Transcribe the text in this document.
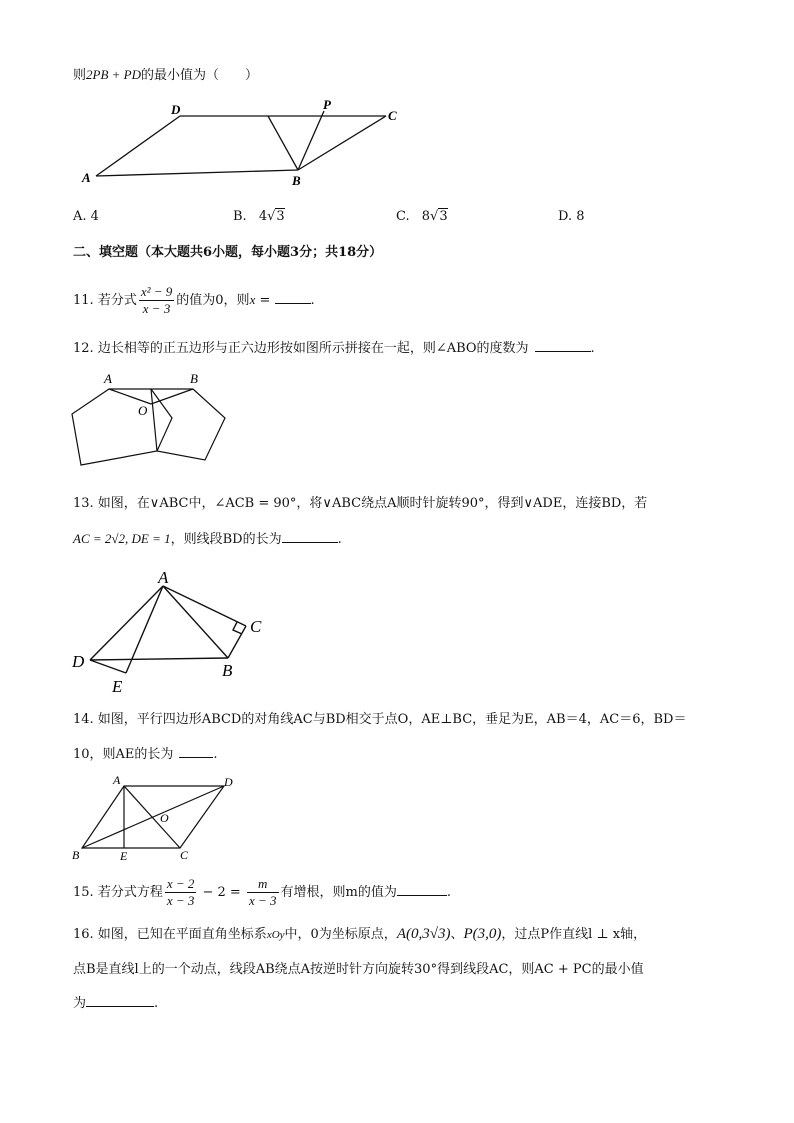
则2PB + PD的最小值为（　　）
D	P
C
A	B
A. 4	B. 4√3	C. 8√3	D. 8
二、填空题（本大题共6小题，每小题3分；共18分）
11. 若分式 $\frac{\text{x² − 9}}{x - 3}$ 的值为0，则x =	.
12. 边长相等的正五边形与正六边形按如图所示拼接在一起，则∠ABO的度数为	.
A	B
O
13. 如图，在∨ABC中，∠ACB = 90°，将∨ABC绕点A顺时针旋转90°，得到∨ADE，连接BD，若
AC = 2√2, DE = 1，则线段BD的长为	.
A
C
D	B
E
14. 如图，平行四边形ABCD的对角线AC与BD相交于点O，AE⊥BC，垂足为E，AB＝4，AC＝6，BD＝
10，则AE的长为	.
A	D
O
B	E	C
15. 若分式方程 $\frac{x - 2}{x - 3} - 2 = \frac{m}{x - 3}$ 有增根，则m的值为	.
16. 如图，已知在平面直角坐标系xOy中，0为坐标原点，A(0,3√3)、P(3,0)，过点P作直线l ⊥ x轴，
点B是直线l上的一个动点，线段AB绕点A按逆时针方向旋转30°得到线段AC，则AC + PC的最小值
为	.
